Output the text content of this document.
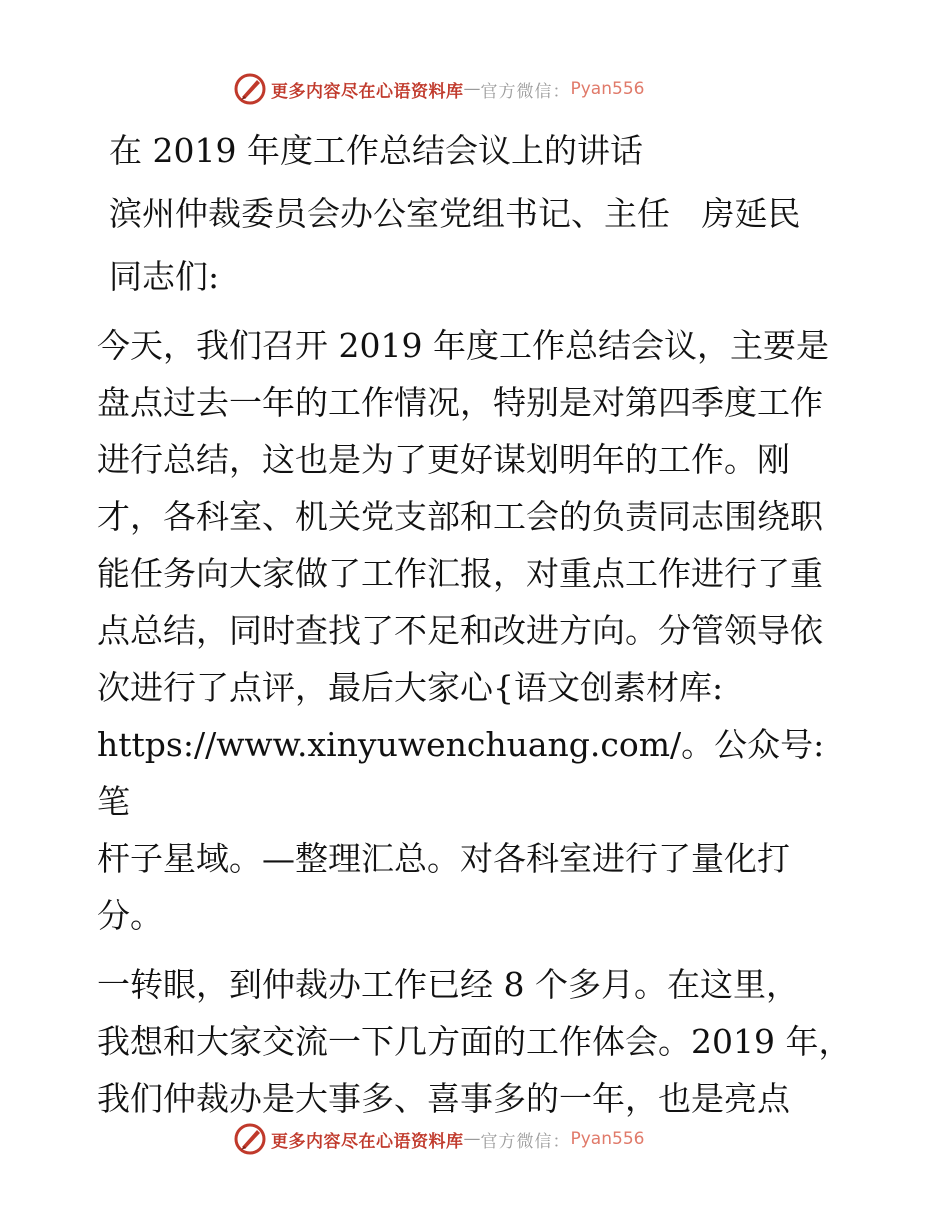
更多内容尽在心语资料库 — 官方微信： Pyan556

在 2019 年度工作总结会议上的讲话

滨州仲裁委员会办公室党组书记、主任   房延民

同志们:

今天，我们召开 2019 年度工作总结会议，主要是
盘点过去一年的工作情况，特别是对第四季度工作
进行总结，这也是为了更好谋划明年的工作。刚
才，各科室、机关党支部和工会的负责同志围绕职
能任务向大家做了工作汇报，对重点工作进行了重
点总结，同时查找了不足和改进方向。分管领导依
次进行了点评，最后大家心{语文创素材库:
https://www.xinyuwenchuang.com/。公众号: 笔
杆子星域。—整理汇总。对各科室进行了量化打
分。
一转眼，到仲裁办工作已经 8 个多月。在这里，
我想和大家交流一下几方面的工作体会。2019 年，
我们仲裁办是大事多、喜事多的一年，也是亮点
更多内容尽在心语资料库 — 官方微信： Pyan556
